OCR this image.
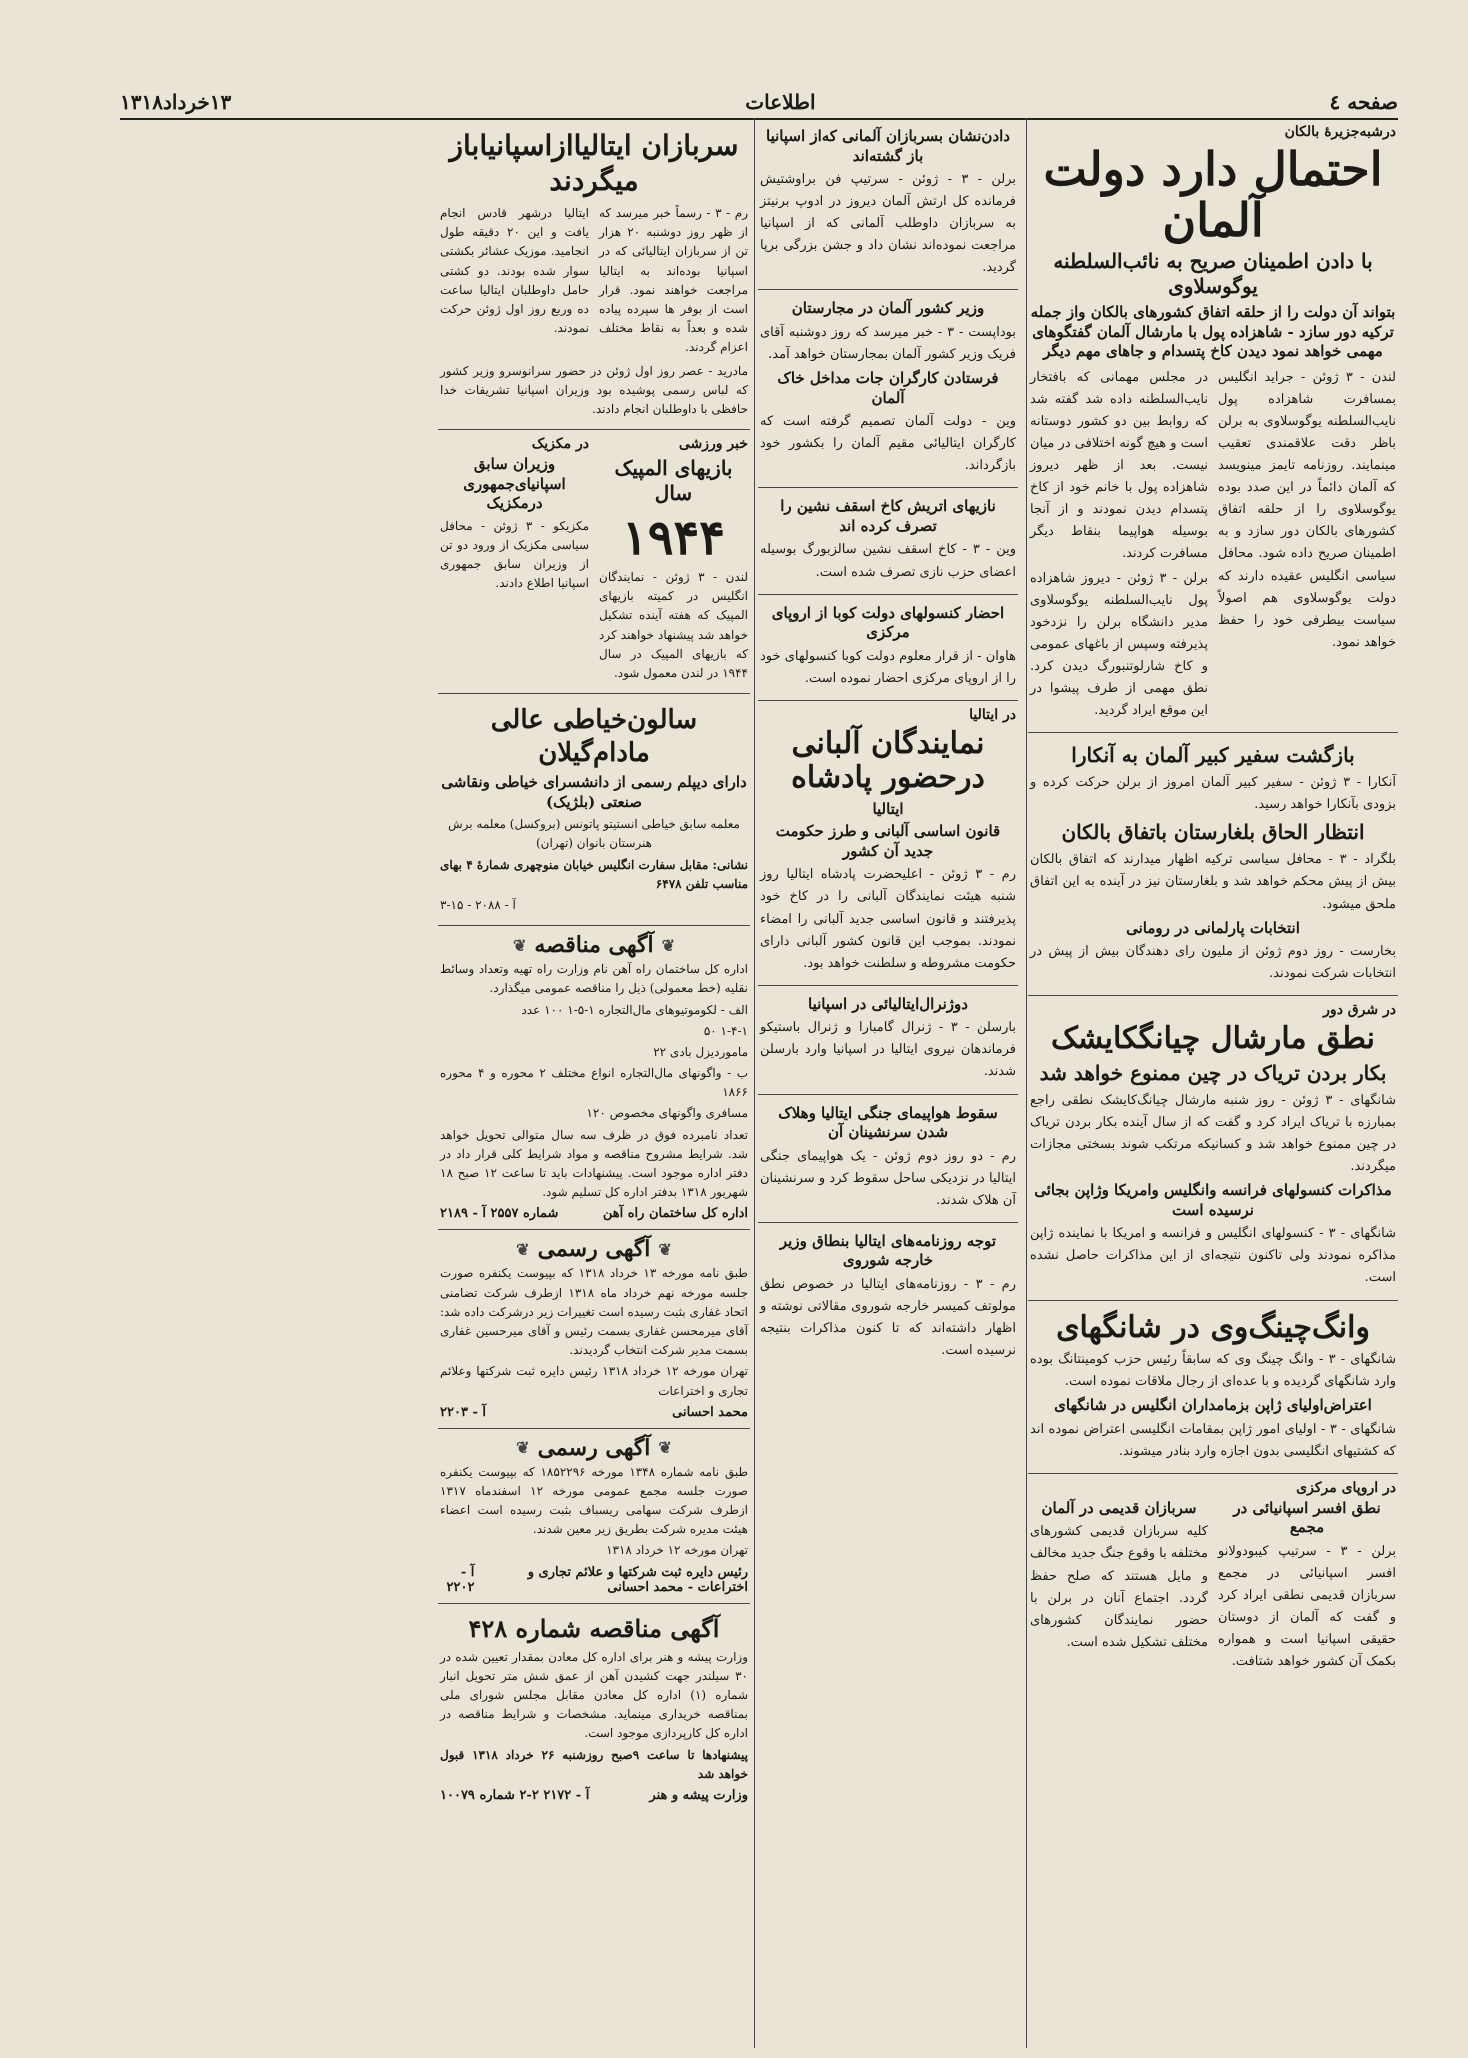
صفحه ٤
اطلاعات
۱۳خرداد۱۳۱۸
درشبه‌جزیرهٔ بالکان
احتمال دارد دولت آلمان
با دادن اطمینان صریح به نائب‌السلطنه یوگوسلاوی
بتواند آن دولت را از حلقه اتفاق کشورهای بالکان واز جمله ترکیه دور سازد - شاهزاده پول با مارشال آلمان گفتگوهای مهمی خواهد نمود دیدن کاخ پتسدام و جاهای مهم دیگر
لندن - ۳ ژوئن - جراید انگلیس بمسافرت شاهزاده پول نایب‌السلطنه یوگوسلاوی به برلن باظر دقت علاقمندی تعقیب مینمایند. روزنامه تایمز مینویسد که آلمان دائماً در این صدد بوده یوگوسلاوی را از حلقه اتفاق کشورهای بالکان دور سازد و به اطمینان صریح داده شود. محافل سیاسی انگلیس عقیده دارند که دولت یوگوسلاوی هم اصولاً سیاست بیطرفی خود را حفظ خواهد نمود.
در مجلس مهمانی که بافتخار نایب‌السلطنه داده شد گفته شد که روابط بین دو کشور دوستانه است و هیچ گونه اختلافی در میان نیست. بعد از ظهر دیروز شاهزاده پول با خانم خود از کاخ پتسدام دیدن نمودند و از آنجا بوسیله هواپیما بنقاط دیگر مسافرت کردند.
برلن - ۳ ژوئن - دیروز شاهزاده پول نایب‌السلطنه یوگوسلاوی مدیر دانشگاه برلن را نزدخود پذیرفته وسپس از باغهای عمومی و کاخ شارلوتنبورگ دیدن کرد. نطق مهمی از طرف پیشوا در این موقع ایراد گردید.
بازگشت سفیر کبیر آلمان به آنکارا
آنکارا - ۳ ژوئن - سفیر کبیر آلمان امروز از برلن حرکت کرده و بزودی بآنکارا خواهد رسید.
انتظار الحاق بلغارستان باتفاق بالکان
بلگراد - ۳ - محافل سیاسی ترکیه اظهار میدارند که اتفاق بالکان بیش از پیش محکم خواهد شد و بلغارستان نیز در آینده به این اتفاق ملحق میشود.
انتخابات پارلمانی در رومانی
بخارست - روز دوم ژوئن از ملیون رای دهندگان بیش از پیش در انتخابات شرکت نمودند.
در شرق دور
نطق مارشال چیانگکایشک
بکار بردن تریاک در چین ممنوع خواهد شد
شانگهای - ۳ ژوئن - روز شنبه مارشال چیانگ‌کایشک نطقی راجع بمبارزه با تریاک ایراد کرد و گفت که از سال آینده بکار بردن تریاک در چین ممنوع خواهد شد و کسانیکه مرتکب شوند بسختی مجازات میگردند.
مذاکرات کنسولهای فرانسه وانگلیس وامریکا وژاپن بجائی نرسیده است
شانگهای - ۳ - کنسولهای انگلیس و فرانسه و امریکا با نماینده ژاپن مذاکره نمودند ولی تاکنون نتیجه‌ای از این مذاکرات حاصل نشده است.
وانگ‌چینگ‌وی در شانگهای
شانگهای - ۳ - وانگ چینگ وی که سابقاً رئیس حزب کومینتانگ بوده وارد شانگهای گردیده و با عده‌ای از رجال ملاقات نموده است.
اعتراض‌اولیای ژاپن بزمامداران انگلیس در شانگهای
شانگهای - ۳ - اولیای امور ژاپن بمقامات انگلیسی اعتراض نموده اند که کشتیهای انگلیسی بدون اجازه وارد بنادر میشوند.
در اروپای مرکزی
نطق افسر اسپانیائی در مجمع
برلن - ۳ - سرتیپ کیبودولانو افسر اسپانیائی در مجمع سربازان قدیمی نطقی ایراد کرد و گفت که آلمان از دوستان حقیقی اسپانیا است و همواره بکمک آن کشور خواهد شتافت.
سربازان قدیمی در آلمان
کلیه سربازان قدیمی کشورهای مختلفه با وقوع جنگ جدید مخالف و مایل هستند که صلح حفظ گردد. اجتماع آنان در برلن با حضور نمایندگان کشورهای مختلف تشکیل شده است.
دادن‌نشان بسربازان آلمانی که‌از اسپانیا باز گشته‌اند
برلن - ۳ - ژوئن - سرتیپ فن براوشتیش فرمانده کل ارتش آلمان دیروز در ادوپ برنیتز به سربازان داوطلب آلمانی که از اسپانیا مراجعت نموده‌اند نشان داد و جشن بزرگی برپا گردید.
وزیر کشور آلمان در مجارستان
بوداپست - ۳ - خبر میرسد که روز دوشنبه آقای فریک وزیر کشور آلمان بمجارستان خواهد آمد.
فرستادن کارگران جات مداخل خاک آلمان
وین - دولت آلمان تصمیم گرفته است که کارگران ایتالیائی مقیم آلمان را بکشور خود بازگرداند.
نازیهای اتریش کاخ اسقف نشین را تصرف کرده اند
وین - ۳ - کاخ اسقف نشین سالزبورگ بوسیله اعضای حزب نازی تصرف شده است.
احضار کنسولهای دولت کوبا از اروپای مرکزی
هاوان - از قرار معلوم دولت کوبا کنسولهای خود را از اروپای مرکزی احضار نموده است.
در ایتالیا
نمایندگان آلبانی درحضور پادشاه
ایتالیا
قانون اساسی آلبانی و طرز حکومت جدید آن کشور
رم - ۳ ژوئن - اعلیحضرت پادشاه ایتالیا روز شنبه هیئت نمایندگان آلبانی را در کاخ خود پذیرفتند و قانون اساسی جدید آلبانی را امضاء نمودند. بموجب این قانون کشور آلبانی دارای حکومت مشروطه و سلطنت خواهد بود.
دوژنرال‌ایتالیائی در اسپانیا
بارسلن - ۳ - ژنرال گامبارا و ژنرال باستیکو فرماندهان نیروی ایتالیا در اسپانیا وارد بارسلن شدند.
سقوط هواپیمای جنگی ایتالیا وهلاک شدن سرنشینان آن
رم - دو روز دوم ژوئن - یک هواپیمای جنگی ایتالیا در نزدیکی ساحل سقوط کرد و سرنشینان آن هلاک شدند.
توجه روزنامه‌های ایتالیا بنطاق وزیر خارجه شوروی
رم - ۳ - روزنامه‌های ایتالیا در خصوص نطق مولوتف کمیسر خارجه شوروی مقالاتی نوشته و اظهار داشته‌اند که تا کنون مذاکرات بنتیجه نرسیده است.
سربازان ایتالیا‌ازاسپانیاباز میگردند
رم - ۳ - رسماً خبر میرسد که از ظهر روز دوشنبه ۲۰ هزار تن از سربازان ایتالیائی که در اسپانیا بوده‌اند به ایتالیا مراجعت خواهند نمود. قرار است از بوفر ها سپرده پیاده شده و بعداً به نقاط مختلف اعزام گردند.
ایتالیا درشهر قادس انجام یافت و این ۲۰ دقیقه طول انجامید. موزیک عشائر بکشتی سوار شده بودند. دو کشتی حامل داوطلبان ایتالیا ساعت ده وربع روز اول ژوئن حرکت نمودند.
مادرید - عصر روز اول ژوئن در حضور سرانوسرو وزیر کشور که لباس رسمی پوشیده بود وزیران اسپانیا تشریفات خدا حافظی با داوطلبان انجام دادند.
خبر ورزشی
بازیهای المپیک سال
۱۹۴۴
لندن - ۳ ژوئن - نمایندگان انگلیس در کمیته بازیهای المپیک که هفته آینده تشکیل خواهد شد پیشنهاد خواهند کرد که بازیهای المپیک در سال ۱۹۴۴ در لندن معمول شود.
در مکزیک
وزیران سابق اسپانیای‌جمهوری درمکزیک
مکزیکو - ۳ ژوئن - محافل سیاسی مکزیک از ورود دو تن از وزیران سابق جمهوری اسپانیا اطلاع دادند.
سالون‌خیاطی عالی مادام‌گیلان
دارای دیپلم رسمی از دانشسرای خیاطی ونقاشی صنعتی (بلژیک)
معلمه سابق خیاطی انستیتو پاتونس (بروکسل) معلمه برش هنرستان بانوان (تهران)
نشانی: مقابل سفارت انگلیس خیابان منوچهری شمارهٔ ۴ بهای مناسب تلفن ۶۴۷۸
آ - ۲۰۸۸ - ۱۵-۳
❦
آگهی مناقصه
❦
اداره کل ساختمان راه آهن نام وزارت راه تهیه وتعداد وسائط نقلیه (خط معمولی) ذیل را مناقصه عمومی میگذارد.
الف - لکوموتیوهای مال‌التجاره ۱-۵-۱ ۱۰۰ عدد
۱-۴-۱ ۵۰
ماموردیزل بادی ۲۲
ب - واگونهای مال‌التجاره انواع مختلف ۲ محوره و ۴ محوره ۱۸۶۶
مسافری واگونهای مخصوص ۱۲۰
تعداد نامبرده فوق در ظرف سه سال متوالی تحویل خواهد شد. شرایط مشروح مناقصه و مواد شرایط کلی قرار داد در دفتر اداره موجود است. پیشنهادات باید تا ساعت ۱۲ صبح ۱۸ شهریور ۱۳۱۸ بدفتر اداره کل تسلیم شود.
اداره کل ساختمان راه آهن
شماره ۲۵۵۷ آ - ۲۱۸۹
❦
آگهی رسمی
❦
طبق نامه مورخه ۱۳ خرداد ۱۳۱۸ که بپیوست یکنفره صورت جلسه مورخه نهم خرداد ماه ۱۳۱۸ ازطرف شرکت تضامنی اتحاد غفاری بثبت رسیده است تغییرات زیر درشرکت داده شد: آقای میرمحسن غفاری بسمت رئیس و آقای میرحسین غفاری بسمت مدیر شرکت انتخاب گردیدند.
تهران مورخه ۱۲ خرداد ۱۳۱۸ رئیس دایره ثبت شرکتها وعلائم تجاری و اختراعات
محمد احسانی
آ - ۲۲۰۳
❦
آگهی رسمی
❦
طبق نامه شماره ۱۳۴۸ مورخه ۱۸۵۲۲۹۶ که بپیوست یکنفره صورت جلسه مجمع عمومی مورخه ۱۲ اسفندماه ۱۳۱۷ ازطرف شرکت سهامی ریسباف بثبت رسیده است اعضاء هیئت مدیره شرکت بطریق زیر معین شدند.
تهران مورخه ۱۲ خرداد ۱۳۱۸
رئیس دایره ثبت شرکتها و علائم تجاری و اختراعات - محمد احسانی
آ - ۲۲۰۲
آگهی مناقصه شماره ۴۲۸
وزارت پیشه و هنر برای اداره کل معادن بمقدار تعیین شده در ۳۰ سیلندر جهت کشیدن آهن از عمق شش متر تحویل انبار شماره (۱) اداره کل معادن مقابل مجلس شورای ملی بمناقصه خریداری مینماید. مشخصات و شرایط مناقصه در اداره کل کارپردازی موجود است.
پیشنهادها تا ساعت ۹صبح روزشنبه ۲۶ خرداد ۱۳۱۸ قبول خواهد شد
وزارت پیشه و هنر
آ - ۲۱۷۲ ۲-۲ شماره ۱۰۰۷۹
